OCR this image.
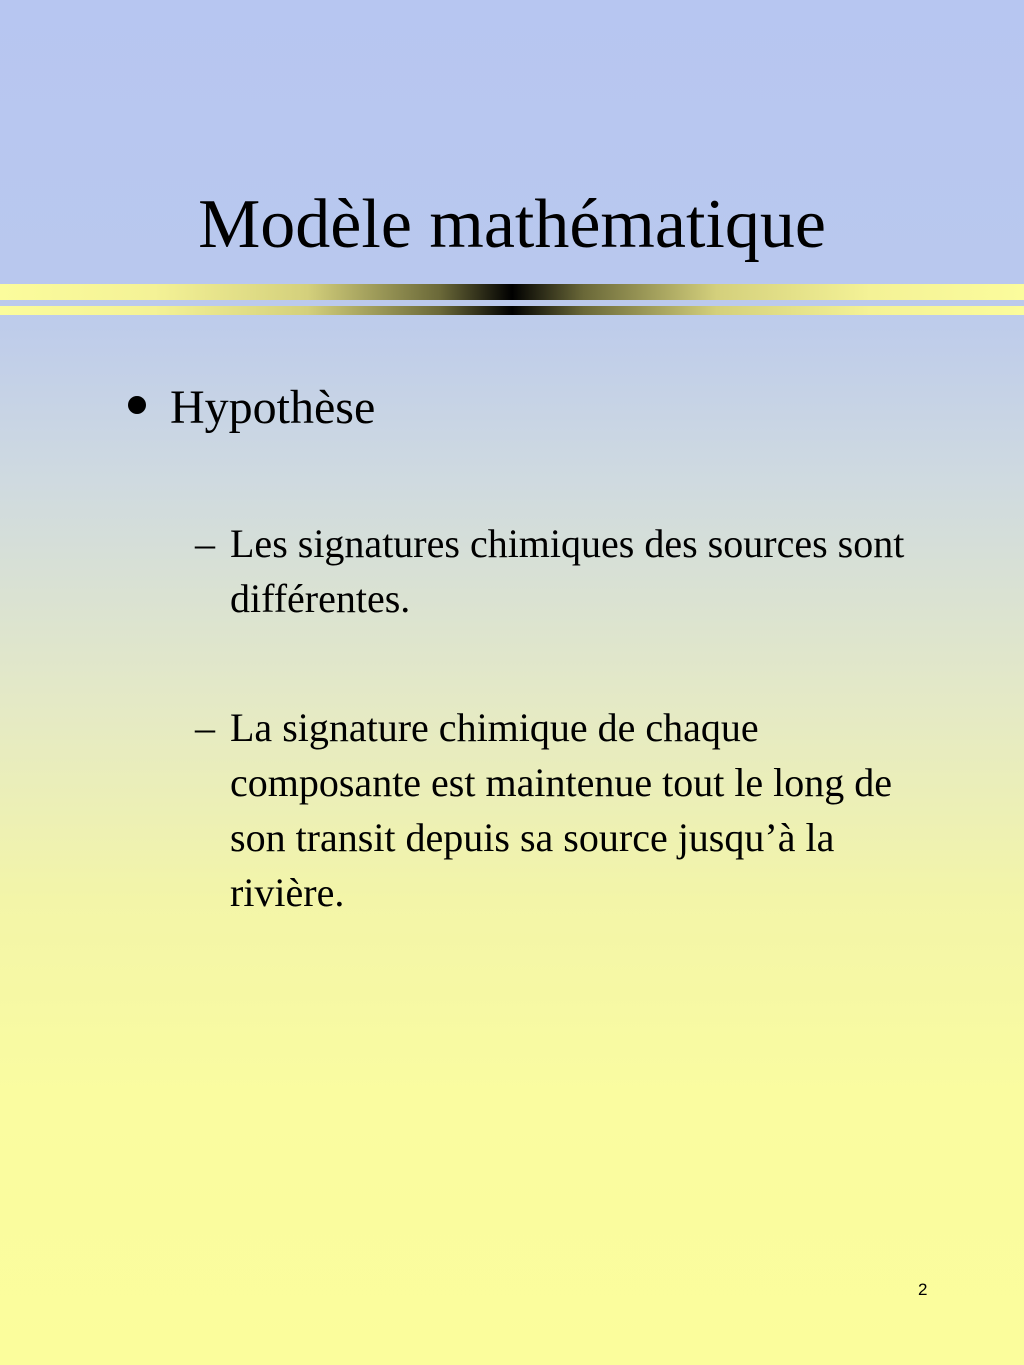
Modèle mathématique
Hypothèse
– Les signatures chimiques des sources sont différentes.
– La signature chimique de chaque composante est maintenue tout le long de son transit depuis sa source jusqu’à la rivière.
2
